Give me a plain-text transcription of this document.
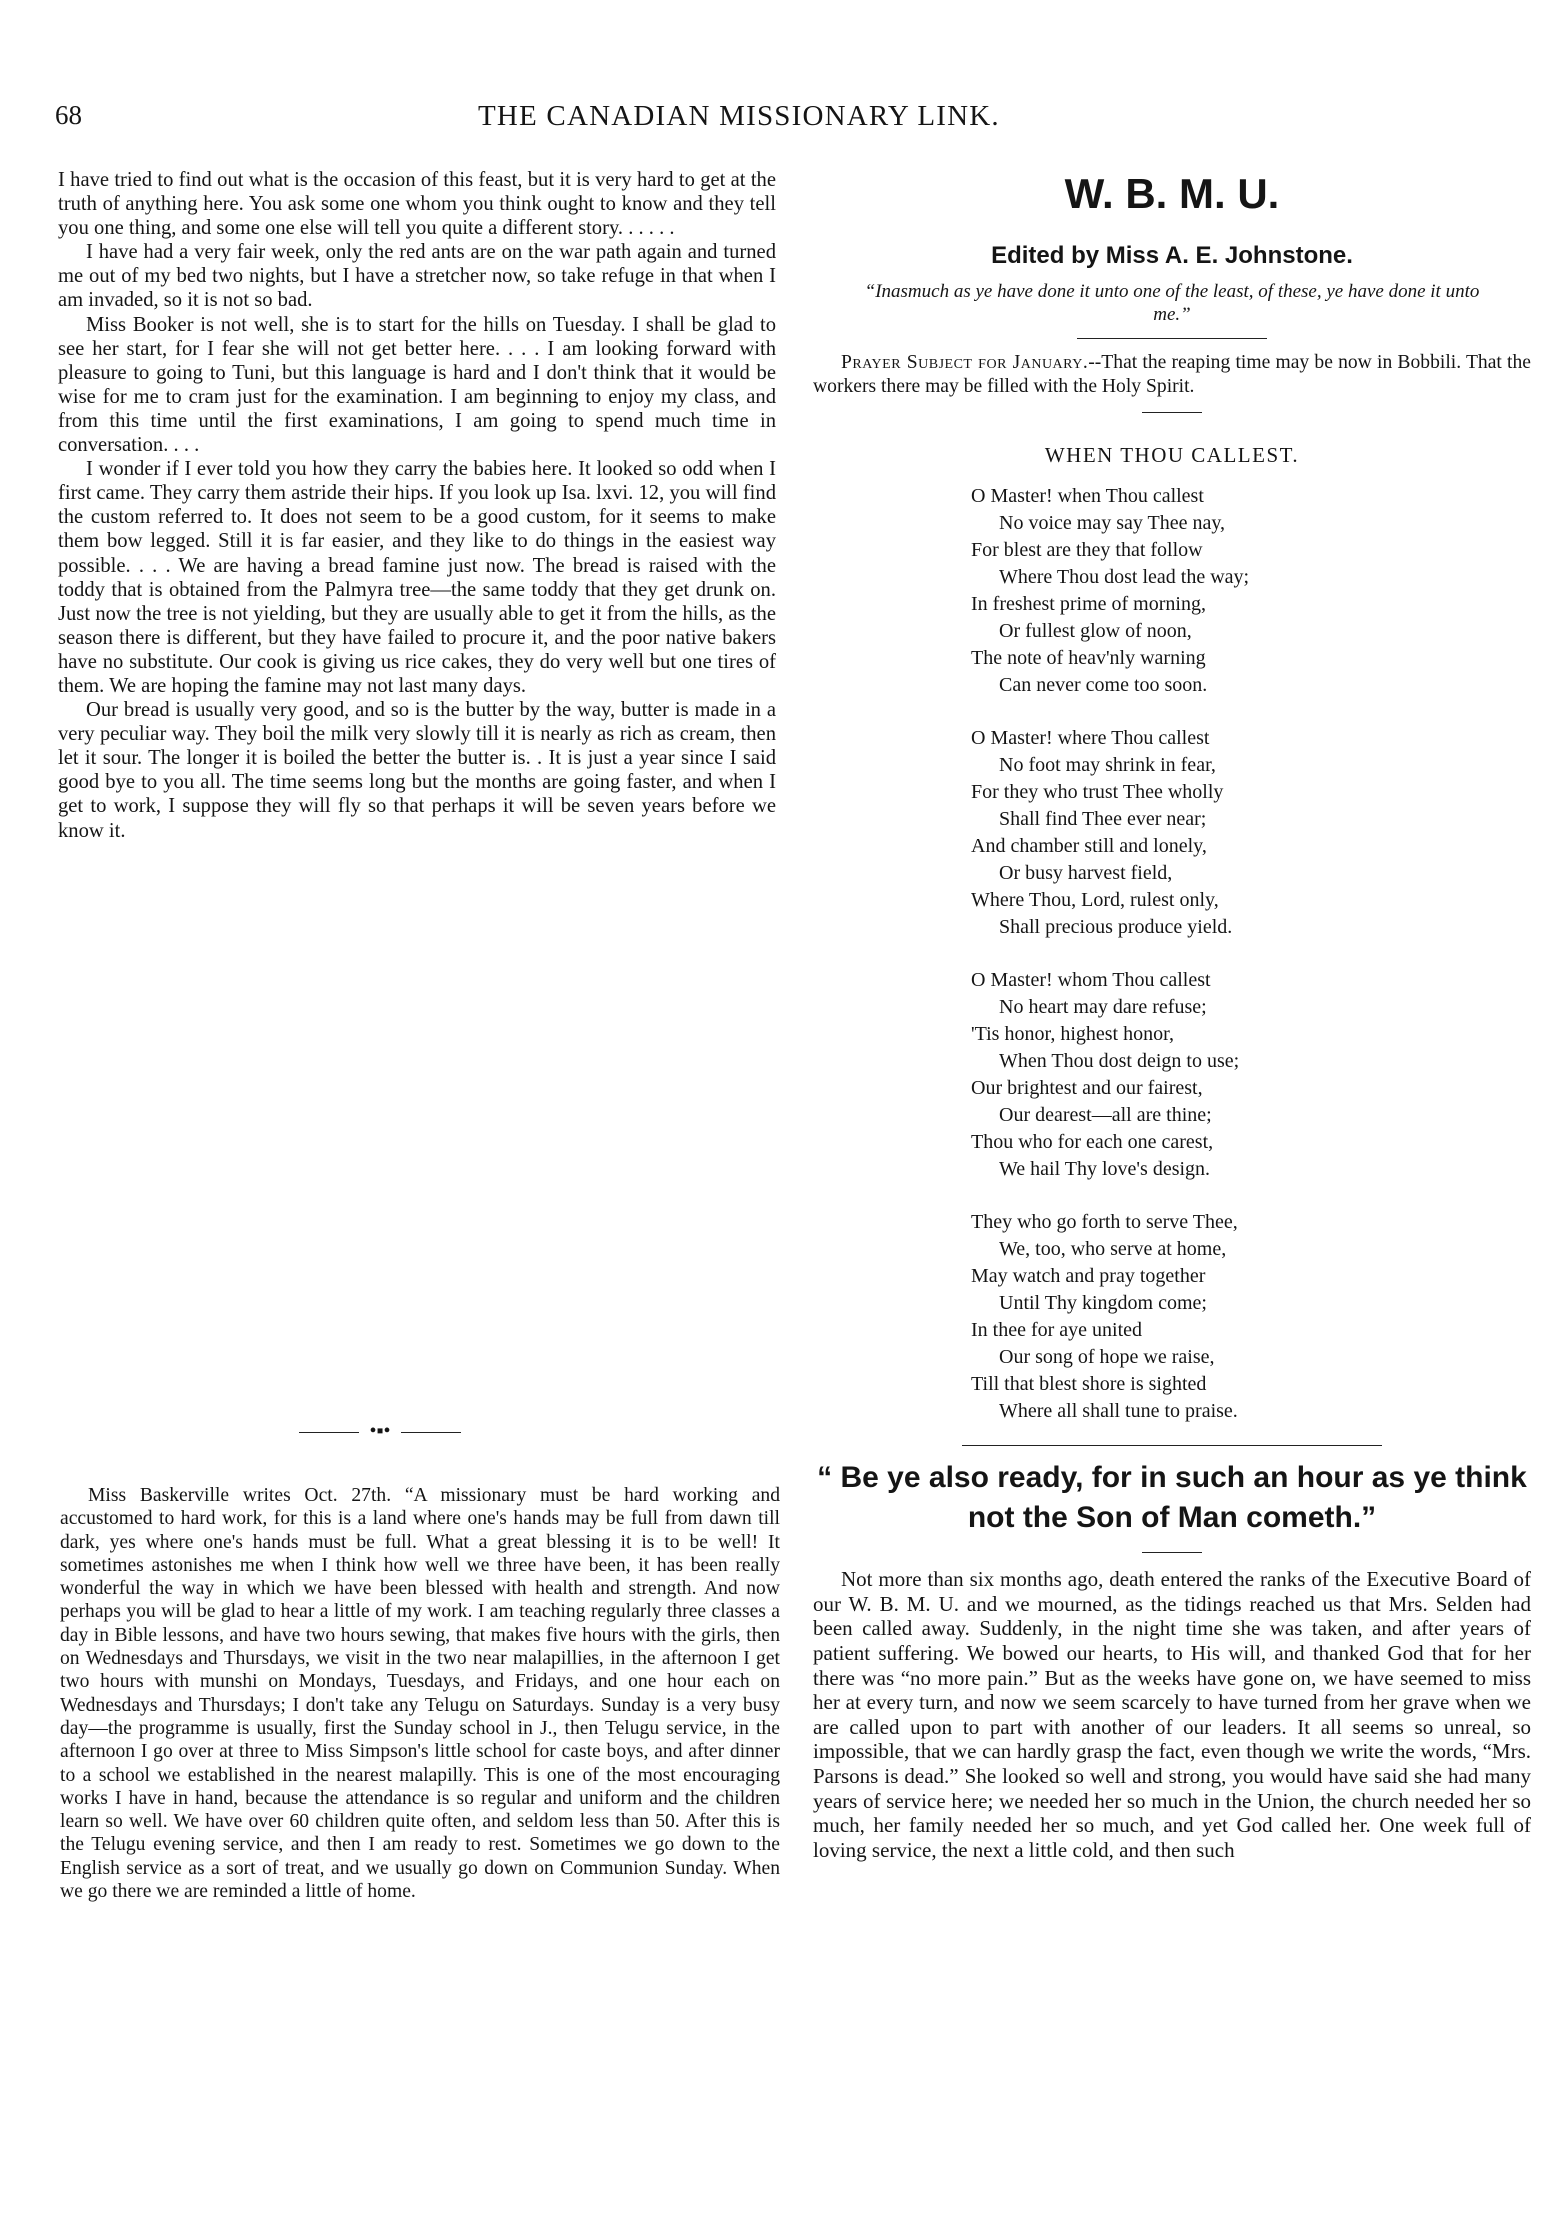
68	THE CANADIAN MISSIONARY LINK.

I have tried to find out what is the occasion of this feast, but it is very hard to get at the truth of anything here. You ask some one whom you think ought to know and they tell you one thing, and some one else will tell you quite a different story. . . . . .

I have had a very fair week, only the red ants are on the war path again and turned me out of my bed two nights, but I have a stretcher now, so take refuge in that when I am invaded, so it is not so bad.

Miss Booker is not well, she is to start for the hills on Tuesday. I shall be glad to see her start, for I fear she will not get better here. . . . I am looking forward with pleasure to going to Tuni, but this language is hard and I don't think that it would be wise for me to cram just for the examination. I am beginning to enjoy my class, and from this time until the first examinations, I am going to spend much time in conversation. . . .

I wonder if I ever told you how they carry the babies here. It looked so odd when I first came. They carry them astride their hips. If you look up Isa. lxvi. 12, you will find the custom referred to. It does not seem to be a good custom, for it seems to make them bow legged. Still it is far easier, and they like to do things in the easiest way possible. . . . We are having a bread famine just now. The bread is raised with the toddy that is obtained from the Palmyra tree—the same toddy that they get drunk on. Just now the tree is not yielding, but they are usually able to get it from the hills, as the season there is different, but they have failed to procure it, and the poor native bakers have no substitute. Our cook is giving us rice cakes, they do very well but one tires of them. We are hoping the famine may not last many days.

Our bread is usually very good, and so is the butter by the way, butter is made in a very peculiar way. They boil the milk very slowly till it is nearly as rich as cream, then let it sour. The longer it is boiled the better the butter is. . It is just a year since I said good bye to you all. The time seems long but the months are going faster, and when I get to work, I suppose they will fly so that perhaps it will be seven years before we know it.

•▪•

Miss Baskerville writes Oct. 27th. “A missionary must be hard working and accustomed to hard work, for this is a land where one's hands may be full from dawn till dark, yes where one's hands must be full. What a great blessing it is to be well! It sometimes astonishes me when I think how well we three have been, it has been really wonderful the way in which we have been blessed with health and strength. And now perhaps you will be glad to hear a little of my work. I am teaching regularly three classes a day in Bible lessons, and have two hours sewing, that makes five hours with the girls, then on Wednesdays and Thursdays, we visit in the two near malapillies, in the afternoon I get two hours with munshi on Mondays, Tuesdays, and Fridays, and one hour each on Wednesdays and Thursdays; I don't take any Telugu on Saturdays. Sunday is a very busy day—the programme is usually, first the Sunday school in J., then Telugu service, in the afternoon I go over at three to Miss Simpson's little school for caste boys, and after dinner to a school we established in the nearest malapilly. This is one of the most encouraging works I have in hand, because the attendance is so regular and uniform and the children learn so well. We have over 60 children quite often, and seldom less than 50. After this is the Telugu evening service, and then I am ready to rest. Sometimes we go down to the English service as a sort of treat, and we usually go down on Communion Sunday. When we go there we are reminded a little of home.

W. B. M. U.
Edited by Miss A. E. Johnstone.
“Inasmuch as ye have done it unto one of the least, of these, ye have done it unto me.”

Prayer Subject for January.--That the reaping time may be now in Bobbili. That the workers there may be filled with the Holy Spirit.

WHEN THOU CALLEST.
O Master! when Thou callest
No voice may say Thee nay,
For blest are they that follow
Where Thou dost lead the way;
In freshest prime of morning,
Or fullest glow of noon,
The note of heav'nly warning
Can never come too soon.
O Master! where Thou callest
No foot may shrink in fear,
For they who trust Thee wholly
Shall find Thee ever near;
And chamber still and lonely,
Or busy harvest field,
Where Thou, Lord, rulest only,
Shall precious produce yield.
O Master! whom Thou callest
No heart may dare refuse;
'Tis honor, highest honor,
When Thou dost deign to use;
Our brightest and our fairest,
Our dearest—all are thine;
Thou who for each one carest,
We hail Thy love's design.
They who go forth to serve Thee,
We, too, who serve at home,
May watch and pray together
Until Thy kingdom come;
In thee for aye united
Our song of hope we raise,
Till that blest shore is sighted
Where all shall tune to praise.
“ Be ye also ready, for in such an hour as ye think not the Son of Man cometh.”

Not more than six months ago, death entered the ranks of the Executive Board of our W. B. M. U. and we mourned, as the tidings reached us that Mrs. Selden had been called away. Suddenly, in the night time she was taken, and after years of patient suffering. We bowed our hearts, to His will, and thanked God that for her there was “no more pain.” But as the weeks have gone on, we have seemed to miss her at every turn, and now we seem scarcely to have turned from her grave when we are called upon to part with another of our leaders. It all seems so unreal, so impossible, that we can hardly grasp the fact, even though we write the words, “Mrs. Parsons is dead.” She looked so well and strong, you would have said she had many years of service here; we needed her so much in the Union, the church needed her so much, her family needed her so much, and yet God called her. One week full of loving service, the next a little cold, and then such
